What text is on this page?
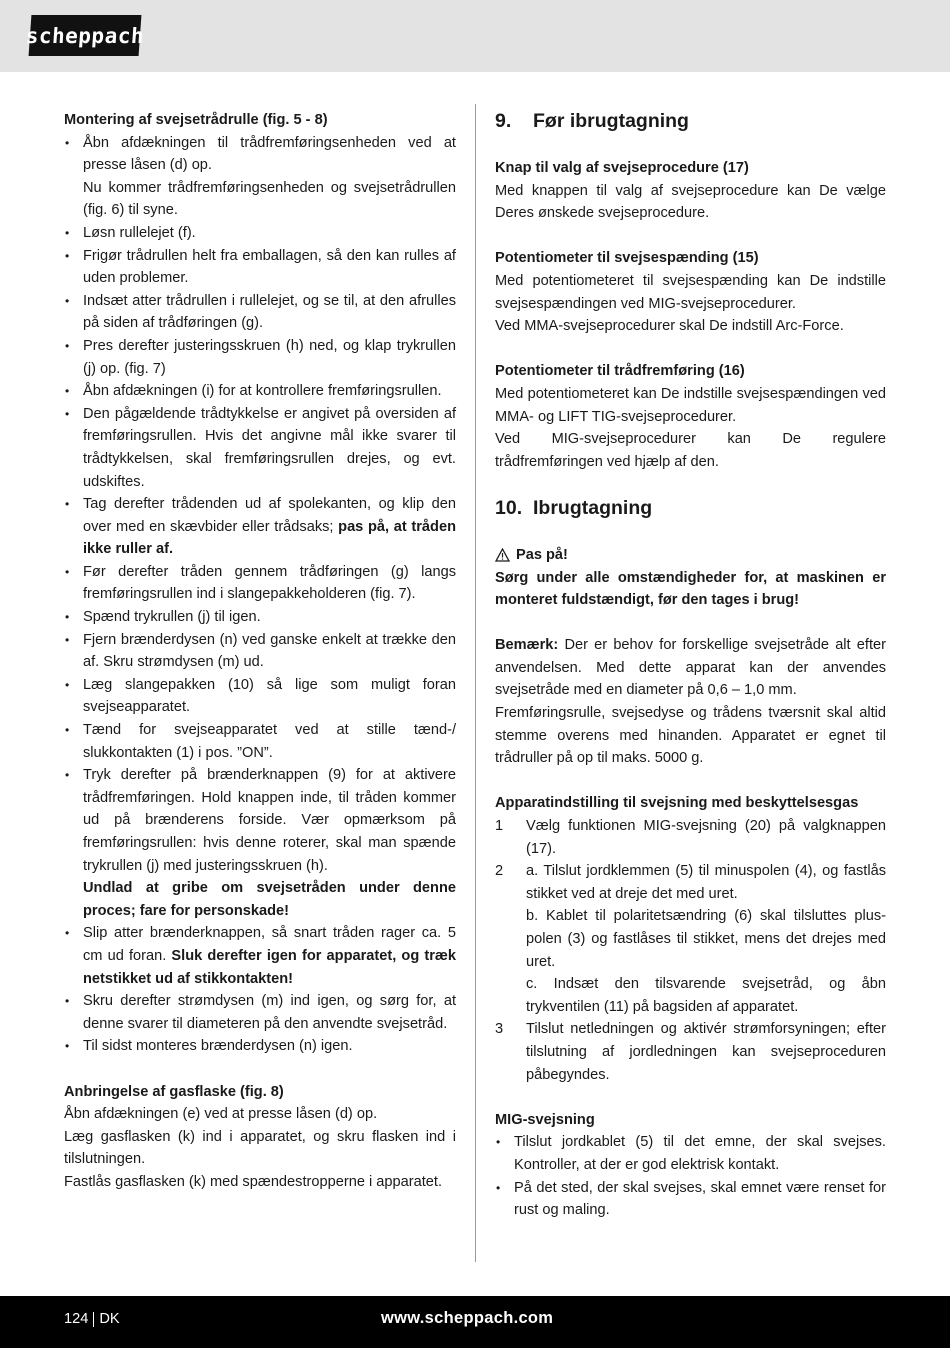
scheppach

Montering af svejsetrådrulle (fig. 5 - 8)

• Åbn afdækningen til trådfremføringsenheden ved at presse låsen (d) op.

Nu kommer trådfremføringsenheden og svejsetrådrullen (fig. 6) til syne.

• Løsn rullelejet (f).
• Frigør trådrullen helt fra emballagen, så den kan rulles af uden problemer.
• Indsæt atter trådrullen i rullelejet, og se til, at den afrulles på siden af trådføringen (g).
• Pres derefter justeringsskruen (h) ned, og klap trykrullen (j) op. (fig. 7)
• Åbn afdækningen (i) for at kontrollere fremføringsrullen.
• Den pågældende trådtykkelse er angivet på oversiden af fremføringsrullen. Hvis det angivne mål ikke svarer til trådtykkelsen, skal fremføringsrullen drejes, og evt. udskiftes.
• Tag derefter trådenden ud af spolekanten, og klip den over med en skævbider eller trådsaks; pas på, at tråden ikke ruller af.
• Før derefter tråden gennem trådføringen (g) langs fremføringsrullen ind i slangepakkeholderen (fig. 7).
• Spænd trykrullen (j) til igen.
• Fjern brænderdysen (n) ved ganske enkelt at trække den af. Skru strømdysen (m) ud.
• Læg slangepakken (10) så lige som muligt foran svejseapparatet.
• Tænd for svejseapparatet ved at stille tænd-/ slukkontakten (1) i pos. ”ON”.
• Tryk derefter på brænderknappen (9) for at aktivere trådfremføringen. Hold knappen inde, til tråden kommer ud på brænderens forside. Vær opmærksom på fremføringsrullen: hvis denne roterer, skal man spænde trykrullen (j) med justeringsskruen (h).

Undlad at gribe om svejsetråden under denne proces; fare for personskade!

• Slip atter brænderknappen, så snart tråden rager ca. 5 cm ud foran. Sluk derefter igen for apparatet, og træk netstikket ud af stikkontakten!
• Skru derefter strømdysen (m) ind igen, og sørg for, at denne svarer til diameteren på den anvendte svejsetråd.
• Til sidst monteres brænderdysen (n) igen.

Anbringelse af gasflaske (fig. 8)

Åbn afdækningen (e) ved at presse låsen (d) op.

Læg gasflasken (k) ind i apparatet, og skru flasken ind i tilslutningen.

Fastlås gasflasken (k) med spændestropperne i apparatet.

9.	Før ibrugtagning

Knap til valg af svejseprocedure (17)

Med knappen til valg af svejseprocedure kan De vælge Deres ønskede svejseprocedure.

Potentiometer til svejsespænding (15)

Med potentiometeret til svejsespænding kan De indstille svejsespændingen ved MIG-svejseprocedurer.

Ved MMA-svejseprocedurer skal De indstill Arc-Force.

Potentiometer til trådfremføring (16)

Med potentiometeret kan De indstille svejsespændingen ved MMA- og LIFT TIG-svejseprocedurer.

Ved MIG-svejseprocedurer kan De regulere trådfremføringen ved hjælp af den.

10. Ibrugtagning

Pas på!

Sørg under alle omstændigheder for, at maskinen er monteret fuldstændigt, før den tages i brug!

Bemærk: Der er behov for forskellige svejsetråde alt efter anvendelsen. Med dette apparat kan der anvendes svejsetråde med en diameter på 0,6 – 1,0 mm.

Fremføringsrulle, svejsedyse og trådens tværsnit skal altid stemme overens med hinanden. Apparatet er egnet til trådruller på op til maks. 5000 g.

Apparatindstilling til svejsning med beskyttelsesgas

1 Vælg funktionen MIG-svejsning (20) på valgknappen (17).
2 a. Tilslut jordklemmen (5) til minuspolen (4), og fastlås stikket ved at dreje det med uret.

b. Kablet til polaritetsændring (6) skal tilsluttes plus-polen (3) og fastlåses til stikket, mens det drejes med uret.

c. Indsæt den tilsvarende svejsetråd, og åbn trykventilen (11) på bagsiden af apparatet.

3 Tilslut netledningen og aktivér strømforsyningen; efter tilslutning af jordledningen kan svejseproceduren påbegyndes.

MIG-svejsning

• Tilslut jordkablet (5) til det emne, der skal svejses. Kontroller, at der er god elektrisk kontakt.
• På det sted, der skal svejses, skal emnet være renset for rust og maling.
124 DK	www.scheppach.com
